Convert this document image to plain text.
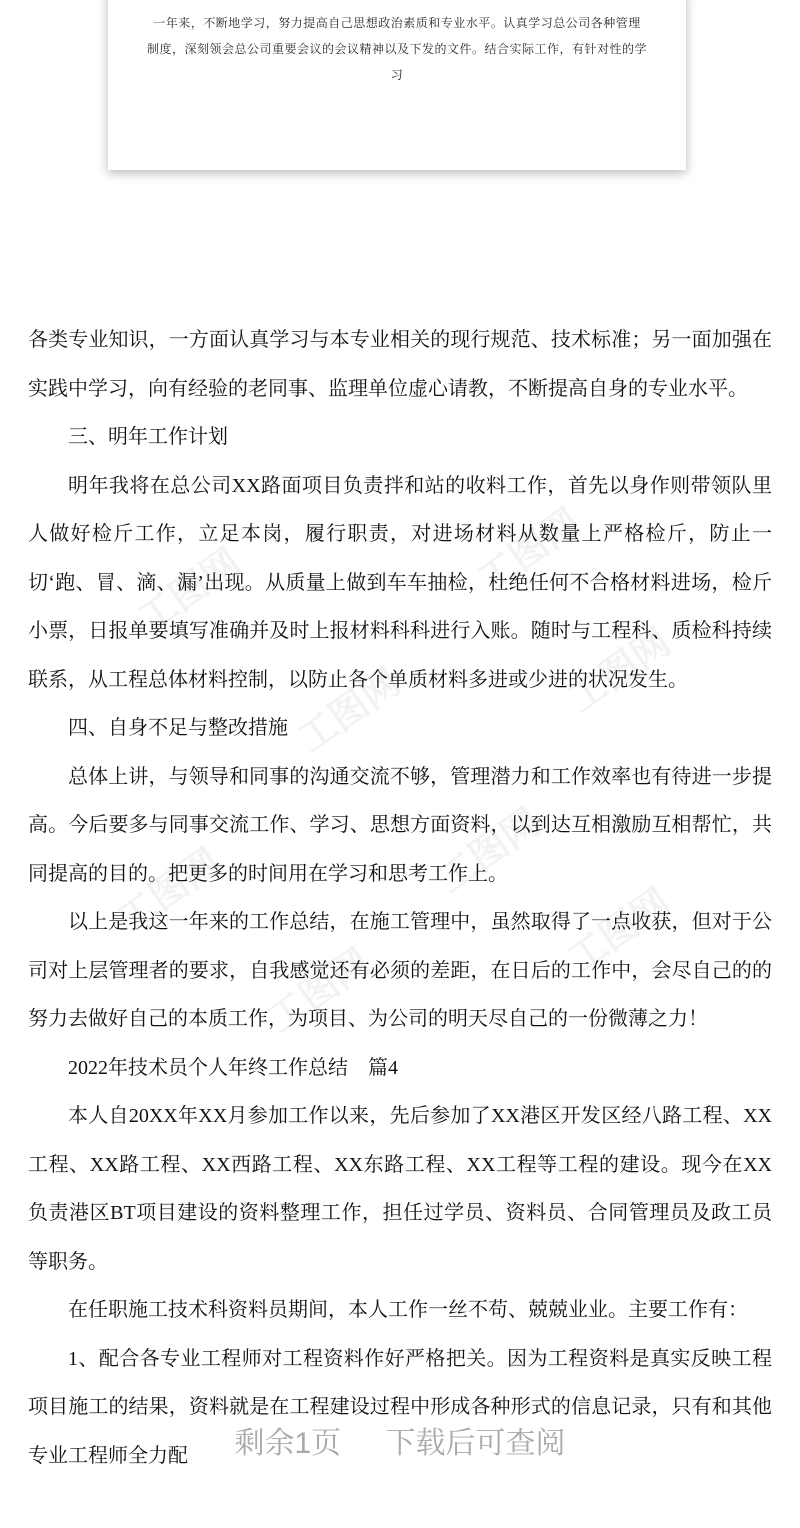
一年来，不断地学习，努力提高自己思想政治素质和专业水平。认真学习总公司各种管理
制度，深刻领会总公司重要会议的会议精神以及下发的文件。结合实际工作，有针对性的学习
工图网	工图网
工图网	工图网
工图网	工图网
工图网
工图网

各类专业知识，一方面认真学习与本专业相关的现行规范、技术标准；另一面加强在实践中学习，向有经验的老同事、监理单位虚心请教，不断提高自身的专业水平。

三、明年工作计划

明年我将在总公司XX路面项目负责拌和站的收料工作，首先以身作则带领队里人做好检斤工作，立足本岗，履行职责，对进场材料从数量上严格检斤，防止一切‘跑、冒、滴、漏’出现。从质量上做到车车抽检，杜绝任何不合格材料进场，检斤小票，日报单要填写准确并及时上报材料科科进行入账。随时与工程科、质检科持续联系，从工程总体材料控制，以防止各个单质材料多进或少进的状况发生。

四、自身不足与整改措施

总体上讲，与领导和同事的沟通交流不够，管理潜力和工作效率也有待进一步提高。今后要多与同事交流工作、学习、思想方面资料，以到达互相激励互相帮忙，共同提高的目的。把更多的时间用在学习和思考工作上。

以上是我这一年来的工作总结，在施工管理中，虽然取得了一点收获，但对于公司对上层管理者的要求，自我感觉还有必须的差距，在日后的工作中，会尽自己的的努力去做好自己的本质工作，为项目、为公司的明天尽自己的一份微薄之力！

2022年技术员个人年终工作总结　篇4

本人自20XX年XX月参加工作以来，先后参加了XX港区开发区经八路工程、XX工程、XX路工程、XX西路工程、XX东路工程、XX工程等工程的建设。现今在XX负责港区BT项目建设的资料整理工作，担任过学员、资料员、合同管理员及政工员等职务。

在任职施工技术科资料员期间，本人工作一丝不苟、兢兢业业。主要工作有：

1、配合各专业工程师对工程资料作好严格把关。因为工程资料是真实反映工程项目施工的结果，资料就是在工程建设过程中形成各种形式的信息记录，只有和其他专业工程师全力配	剩余1页 下载后可查阅
